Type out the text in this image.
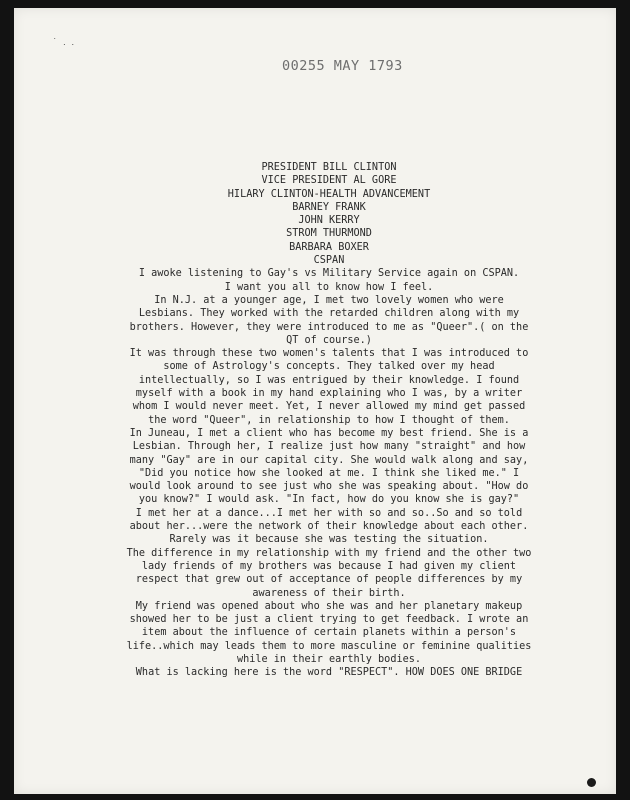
˙ ․ ․
00255 MAY 1793
PRESIDENT BILL CLINTON
VICE PRESIDENT AL GORE
HILARY CLINTON-HEALTH ADVANCEMENT
BARNEY FRANK
JOHN KERRY
STROM THURMOND
BARBARA BOXER
CSPAN
I awoke listening to Gay's vs Military Service again on CSPAN.
I want you all to know how I feel.
In N.J. at a younger age, I met two lovely women who were
Lesbians. They worked with the retarded children along with my
brothers. However, they were introduced to me as "Queer".( on the
QT of course.)
It was through these two women's talents that I was introduced to
some of Astrology's concepts. They talked over my head
intellectually, so I was entrigued by their knowledge. I found
myself with a book in my hand explaining who I was, by a writer
whom I would never meet. Yet, I never allowed my mind get passed
the word "Queer", in relationship to how I thought of them.
In Juneau, I met a client who has become my best friend. She is a
Lesbian. Through her, I realize just how many "straight" and how
many "Gay" are in our capital city. She would walk along and say,
"Did you notice how she looked at me. I think she liked me." I
would look around to see just who she was speaking about. "How do
you know?" I would ask. "In fact, how do you know she is gay?"
I met her at a dance...I met her with so and so..So and so told
about her...were the network of their knowledge about each other.
Rarely was it because she was testing the situation.
The difference in my relationship with my friend and the other two
lady friends of my brothers was because I had given my client
respect that grew out of acceptance of people differences by my
awareness of their birth.
My friend was opened about who she was and her planetary makeup
showed her to be just a client trying to get feedback. I wrote an
item about the influence of certain planets within a person's
life..which may leads them to more masculine or feminine qualities
while in their earthly bodies.
What is lacking here is the word "RESPECT". HOW DOES ONE BRIDGE
